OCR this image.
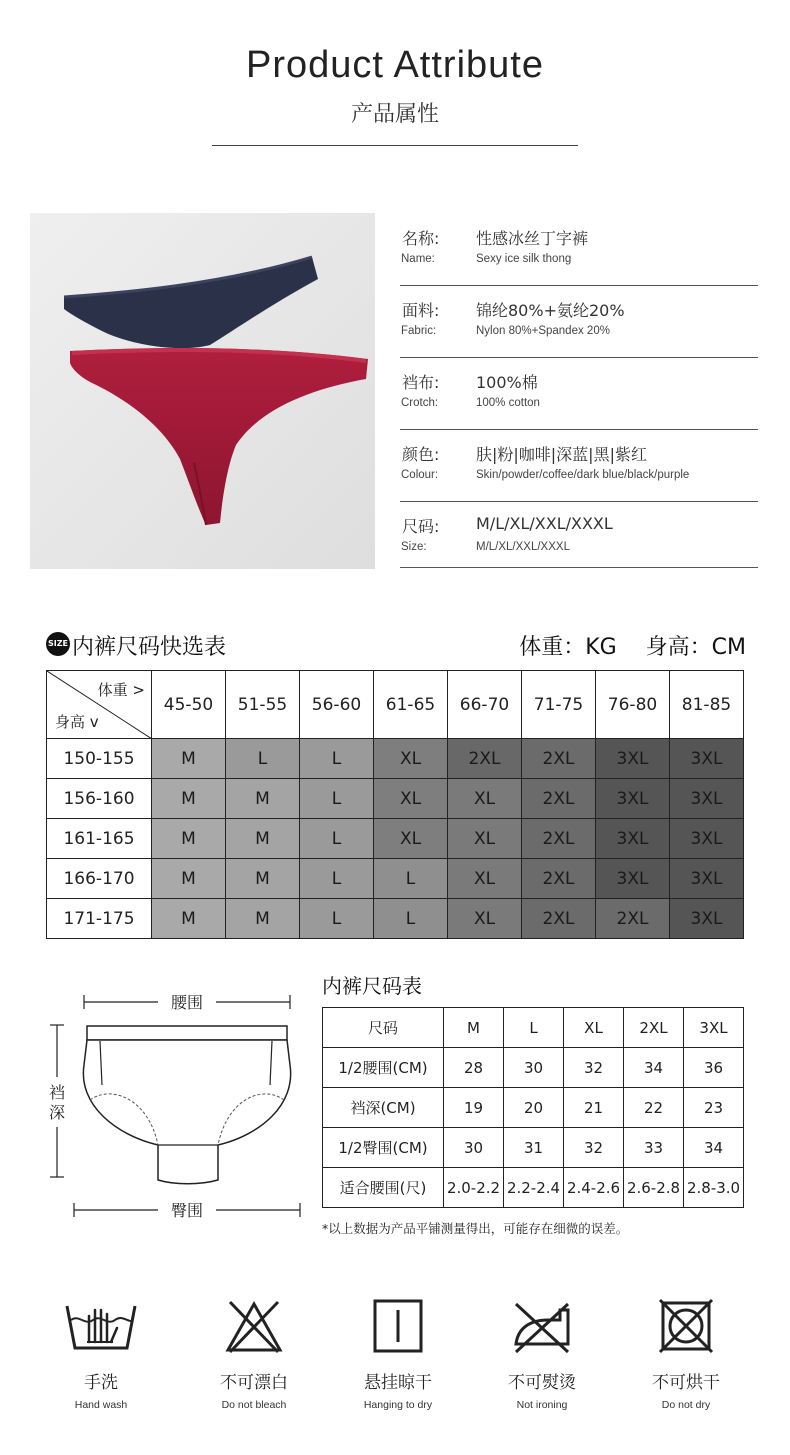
Product Attribute
产品属性
名称: 性感冰丝丁字裤
Name:	Sexy ice silk thong
面料: 锦纶80%+氨纶20%
Fabric:	Nylon 80%+Spandex 20%
裆布: 100%棉
Crotch:	100% cotton
颜色: 肤|粉|咖啡|深蓝|黑|紫红
Colour:	Skin/powder/coffee/dark blue/black/purple
尺码: M/L/XL/XXL/XXXL
Size:	M/L/XL/XXL/XXXL
SIZE 内裤尺码快选表	体重：KG　 身高：CM
体重 >
身高 v	45-50	51-55	56-60	61-65	66-70	71-75	76-80	81-85
150-155	M	L	L	XL	2XL	2XL	3XL	3XL
156-160	M	M	L	XL	XL	2XL	3XL	3XL
161-165	M	M	L	XL	XL	2XL	3XL	3XL
166-170	M	M	L	L	XL	2XL	3XL	3XL
171-175	M	M	L	L	XL	2XL	2XL	3XL
腰围
臀围
裆深
内裤尺码表
尺码	M	L	XL	2XL	3XL
1/2腰围(CM)	28	30	32	34	36
裆深(CM)	19	20	21	22	23
1/2臀围(CM)	30	31	32	33	34
适合腰围(尺)	2.0-2.2	2.2-2.4	2.4-2.6	2.6-2.8	2.8-3.0
*以上数据为产品平铺测量得出，可能存在细微的误差。
手洗
Hand wash
不可漂白
Do not bleach
悬挂晾干
Hanging to dry
不可熨烫
Not ironing
不可烘干
Do not dry
